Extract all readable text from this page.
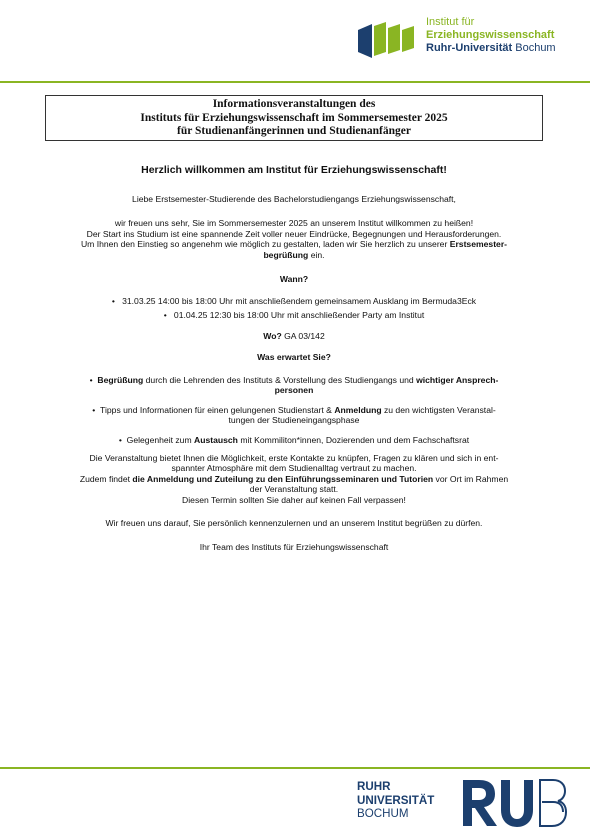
Institut für
Erziehungswissenschaft
Ruhr-Universität Bochum
Informationsveranstaltungen des
Instituts für Erziehungswissenschaft im Sommersemester 2025
für Studienanfängerinnen und Studienanfänger

Herzlich willkommen am Institut für Erziehungswissenschaft!

Liebe Erstsemester-Studierende des Bachelorstudiengangs Erziehungswissenschaft,

wir freuen uns sehr, Sie im Sommersemester 2025 an unserem Institut willkommen zu heißen!

Der Start ins Studium ist eine spannende Zeit voller neuer Eindrücke, Begegnungen und Herausforderungen.

Um Ihnen den Einstieg so angenehm wie möglich zu gestalten, laden wir Sie herzlich zu unserer Erstsemester-

begrüßung ein.

Wann?

•   31.03.25 14:00 bis 18:00 Uhr mit anschließendem gemeinsamem Ausklang im Bermuda3Eck

•   01.04.25 12:30 bis 18:00 Uhr mit anschließender Party am Institut

Wo? GA 03/142

Was erwartet Sie?

•  Begrüßung durch die Lehrenden des Instituts & Vorstellung des Studiengangs und wichtiger Ansprech-

personen

•  Tipps und Informationen für einen gelungenen Studienstart & Anmeldung zu den wichtigsten Veranstal-

tungen der Studieneingangsphase

•  Gelegenheit zum Austausch mit Kommiliton*innen, Dozierenden und dem Fachschaftsrat

Die Veranstaltung bietet Ihnen die Möglichkeit, erste Kontakte zu knüpfen, Fragen zu klären und sich in ent-

spannter Atmosphäre mit dem Studienalltag vertraut zu machen.

Zudem findet die Anmeldung und Zuteilung zu den Einführungsseminaren und Tutorien vor Ort im Rahmen

der Veranstaltung statt.

Diesen Termin sollten Sie daher auf keinen Fall verpassen!

Wir freuen uns darauf, Sie persönlich kennenzulernen und an unserem Institut begrüßen zu dürfen.

Ihr Team des Instituts für Erziehungswissenschaft

RUHR
UNIVERSITÄT
BOCHUM
